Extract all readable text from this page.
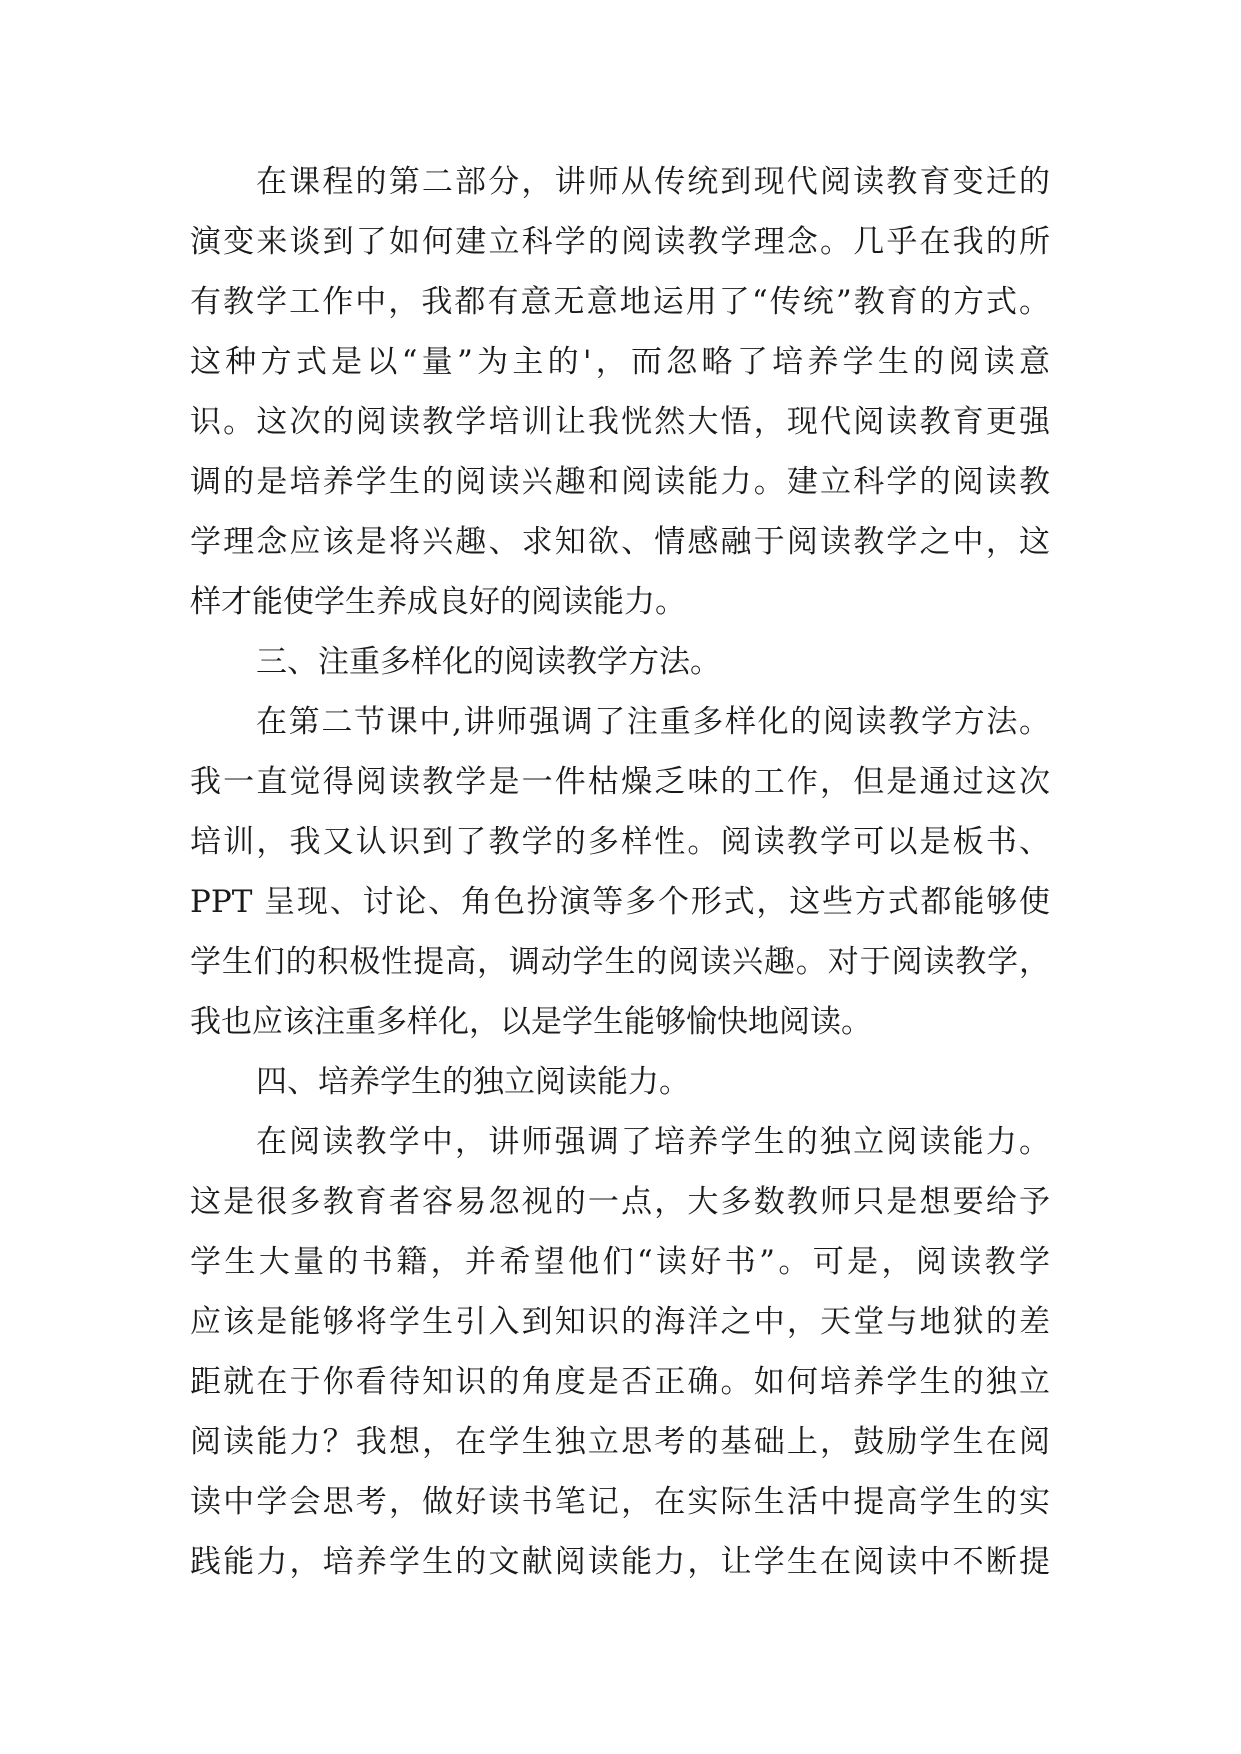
在课程的第二部分，讲师从传统到现代阅读教育变迁的
演变来谈到了如何建立科学的阅读教学理念。几乎在我的所
有教学工作中，我都有意无意地运用了“传统”教育的方式。
这种方式是以“量”为主的'，而忽略了培养学生的阅读意
识。这次的阅读教学培训让我恍然大悟，现代阅读教育更强
调的是培养学生的阅读兴趣和阅读能力。建立科学的阅读教
学理念应该是将兴趣、求知欲、情感融于阅读教学之中，这
样才能使学生养成良好的阅读能力。
三、注重多样化的阅读教学方法。
在第二节课中,讲师强调了注重多样化的阅读教学方法。
我一直觉得阅读教学是一件枯燥乏味的工作，但是通过这次
培训，我又认识到了教学的多样性。阅读教学可以是板书、
PPT 呈现、讨论、角色扮演等多个形式，这些方式都能够使
学生们的积极性提高，调动学生的阅读兴趣。对于阅读教学，
我也应该注重多样化，以是学生能够愉快地阅读。
四、培养学生的独立阅读能力。
在阅读教学中，讲师强调了培养学生的独立阅读能力。
这是很多教育者容易忽视的一点，大多数教师只是想要给予
学生大量的书籍，并希望他们“读好书”。可是，阅读教学
应该是能够将学生引入到知识的海洋之中，天堂与地狱的差
距就在于你看待知识的角度是否正确。如何培养学生的独立
阅读能力？我想，在学生独立思考的基础上，鼓励学生在阅
读中学会思考，做好读书笔记，在实际生活中提高学生的实
践能力，培养学生的文献阅读能力，让学生在阅读中不断提
